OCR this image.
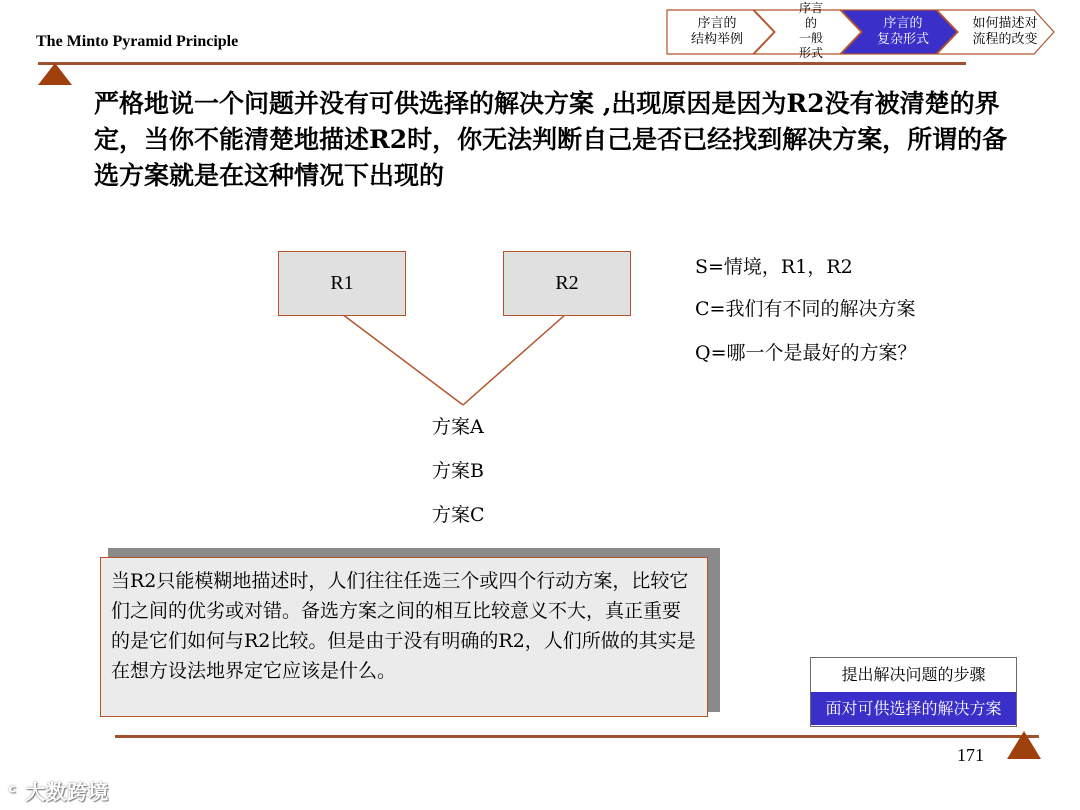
The Minto Pyramid Principle
序言的
结构举例
序言
的
一般
形式
序言的
复杂形式
如何描述对
流程的改变
严格地说一个问题并没有可供选择的解决方案 ,出现原因是因为R2没有被清楚的界定，当你不能清楚地描述R2时，你无法判断自己是否已经找到解决方案，所谓的备选方案就是在这种情况下出现的
R1	R2
方案A
方案B
方案C
S=情境，R1，R2
C=我们有不同的解决方案
Q=哪一个是最好的方案？
当R2只能模糊地描述时，人们往往任选三个或四个行动方案，比较它们之间的优劣或对错。备选方案之间的相互比较意义不大，真正重要的是它们如何与R2比较。但是由于没有明确的R2，人们所做的其实是在想方设法地界定它应该是什么。	提出解决问题的步骤
面对可供选择的解决方案
171
ᶜ 大数跨境
